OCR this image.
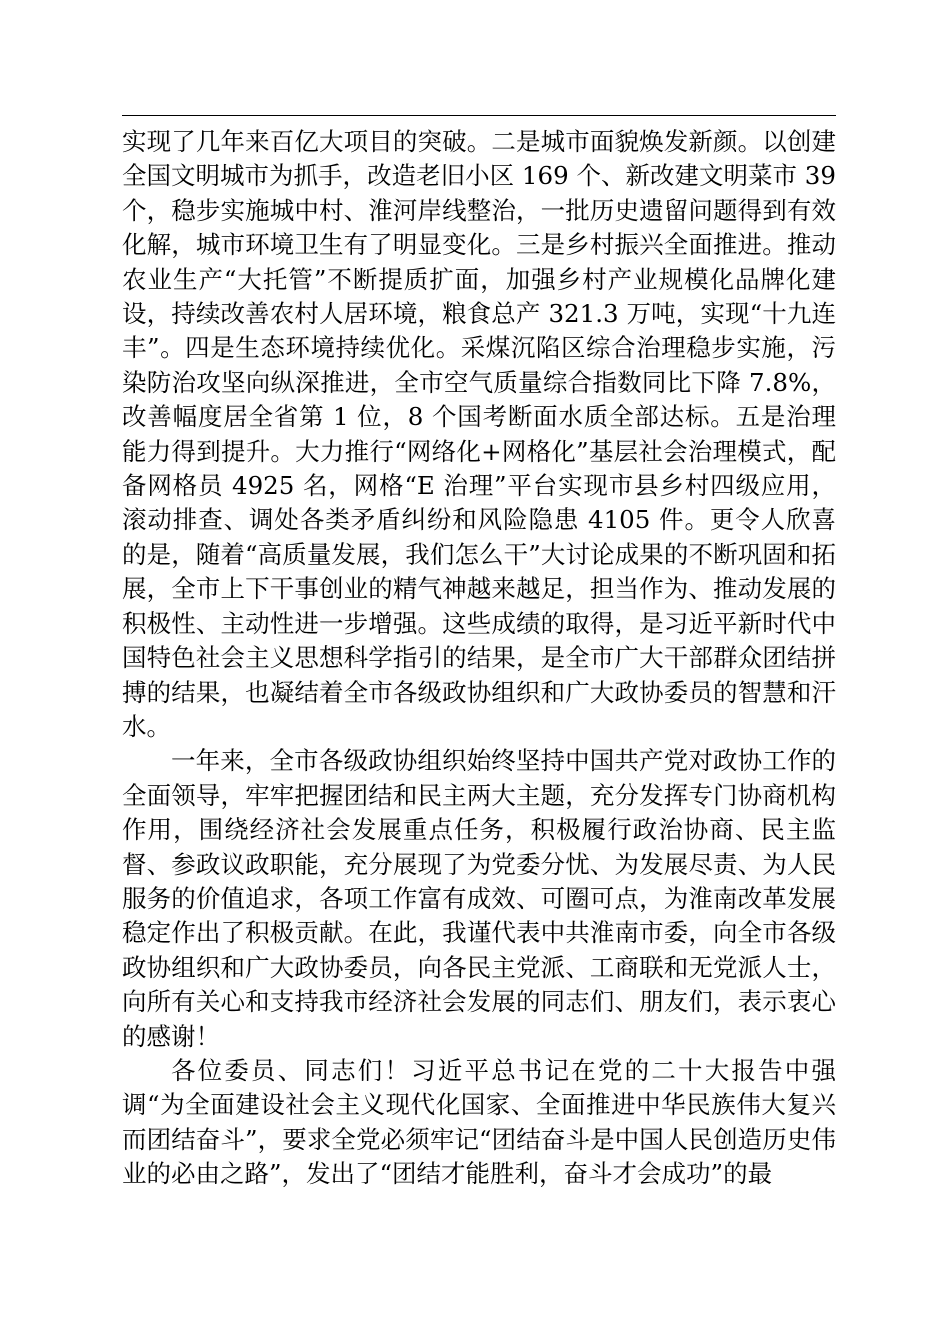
实现了几年来百亿大项目的突破。二是城市面貌焕发新颜。以创建全国文明城市为抓手，改造老旧小区 169 个、新改建文明菜市 39 个，稳步实施城中村、淮河岸线整治，一批历史遗留问题得到有效化解，城市环境卫生有了明显变化。三是乡村振兴全面推进。推动农业生产“大托管”不断提质扩面，加强乡村产业规模化品牌化建设，持续改善农村人居环境，粮食总产 321.3 万吨，实现“十九连丰”。四是生态环境持续优化。采煤沉陷区综合治理稳步实施，污染防治攻坚向纵深推进，全市空气质量综合指数同比下降 7.8%，改善幅度居全省第 1 位，8 个国考断面水质全部达标。五是治理能力得到提升。大力推行“网络化+网格化”基层社会治理模式，配备网格员 4925 名，网格“E 治理”平台实现市县乡村四级应用，滚动排查、调处各类矛盾纠纷和风险隐患 4105 件。更令人欣喜的是，随着“高质量发展，我们怎么干”大讨论成果的不断巩固和拓展，全市上下干事创业的精气神越来越足，担当作为、推动发展的积极性、主动性进一步增强。这些成绩的取得，是习近平新时代中国特色社会主义思想科学指引的结果，是全市广大干部群众团结拼搏的结果，也凝结着全市各级政协组织和广大政协委员的智慧和汗水。

一年来，全市各级政协组织始终坚持中国共产党对政协工作的全面领导，牢牢把握团结和民主两大主题，充分发挥专门协商机构作用，围绕经济社会发展重点任务，积极履行政治协商、民主监督、参政议政职能，充分展现了为党委分忧、为发展尽责、为人民服务的价值追求，各项工作富有成效、可圈可点，为淮南改革发展稳定作出了积极贡献。在此，我谨代表中共淮南市委，向全市各级政协组织和广大政协委员，向各民主党派、工商联和无党派人士，向所有关心和支持我市经济社会发展的同志们、朋友们，表示衷心的感谢！

各位委员、同志们！习近平总书记在党的二十大报告中强调“为全面建设社会主义现代化国家、全面推进中华民族伟大复兴而团结奋斗”，要求全党必须牢记“团结奋斗是中国人民创造历史伟业的必由之路”，发出了“团结才能胜利，奋斗才会成功”的最
